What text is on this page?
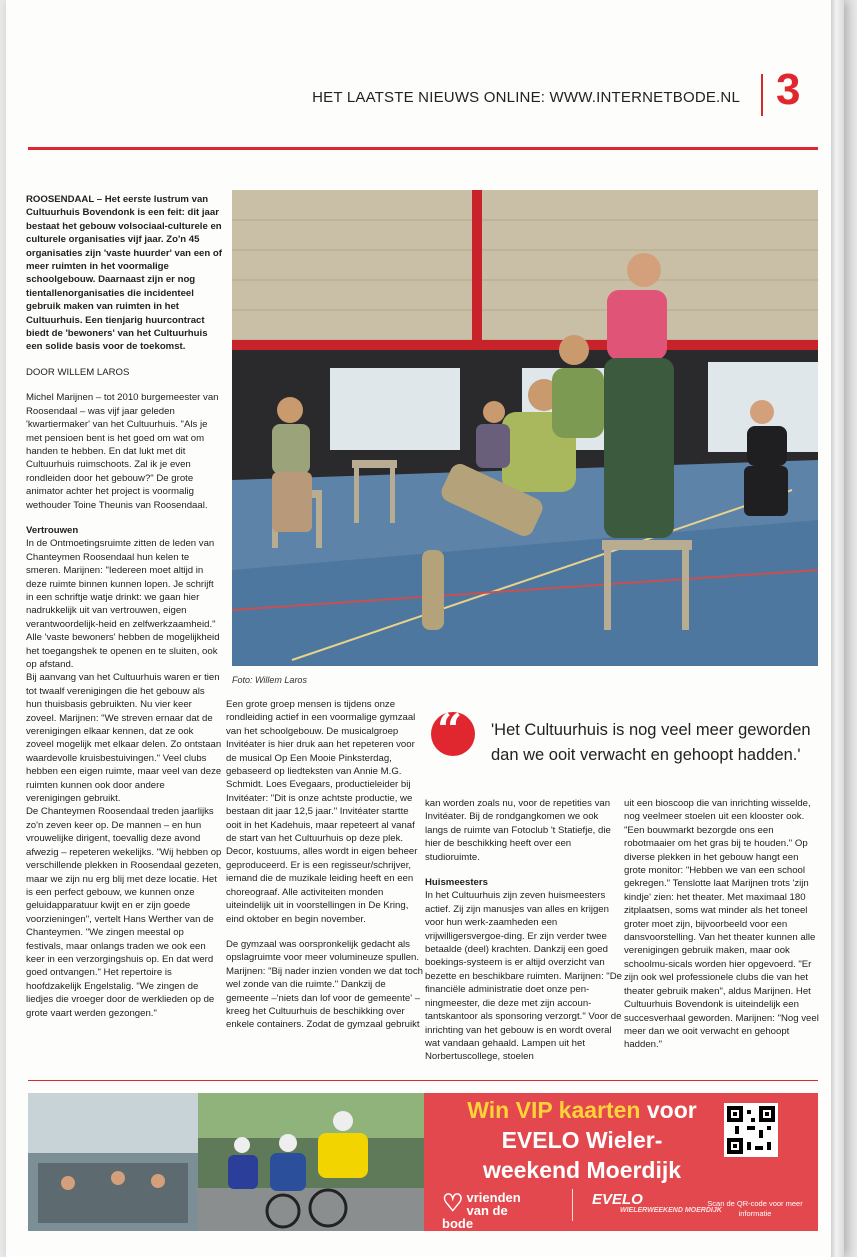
HET LAATSTE NIEUWS ONLINE: WWW.INTERNETBODE.NL 3

ROOSENDAAL – Het eerste lustrum van Cultuurhuis Bovendonk is een feit: dit jaar bestaat het gebouw volsociaal-culturele en culturele organisaties vijf jaar. Zo'n 45 organisaties zijn 'vaste huurder' van een of meer ruimten in het voormalige schoolgebouw. Daarnaast zijn er nog tientallenorganisaties die incidenteel gebruik maken van ruimten in het Cultuurhuis. Een tienjarig huurcontract biedt de 'bewoners' van het Cultuurhuis een solide basis voor de toekomst.

DOOR WILLEM LAROS

Michel Marijnen – tot 2010 burgemeester van Roosendaal – was vijf jaar geleden 'kwartiermaker' van het Cultuurhuis. "Als je met pensioen bent is het goed om wat om handen te hebben. En dat lukt met dit Cultuurhuis ruimschoots. Zal ik je even rondleiden door het gebouw?" De grote animator achter het project is voormalig wethouder Toine Theunis van Roosendaal.

Vertrouwen

In de Ontmoetingsruimte zitten de leden van Chanteymen Roosendaal hun kelen te smeren. Marijnen: "Iedereen moet altijd in deze ruimte binnen kunnen lopen. Je schrijft in een schriftje watje drinkt: we gaan hier nadrukkelijk uit van vertrouwen, eigen verantwoordelijk-heid en zelfwerkzaamheid." Alle 'vaste bewoners' hebben de mogelijkheid het toegangshek te openen en te sluiten, ook op afstand.

Bij aanvang van het Cultuurhuis waren er tien tot twaalf verenigingen die het gebouw als hun thuisbasis gebruikten. Nu vier keer zoveel. Marijnen: "We streven ernaar dat de verenigingen elkaar kennen, dat ze ook zoveel mogelijk met elkaar delen. Zo ontstaan waardevolle kruisbestuivingen." Veel clubs hebben een eigen ruimte, maar veel van deze ruimten kunnen ook door andere verenigingen gebruikt.

De Chanteymen Roosendaal treden jaarlijks zo'n zeven keer op. De mannen – en hun vrouwelijke dirigent, toevallig deze avond afwezig – repeteren wekelijks. "Wij hebben op verschillende plekken in Roosendaal gezeten, maar we zijn nu erg blij met deze locatie. Het is een perfect gebouw, we kunnen onze geluidapparatuur kwijt en er zijn goede voorzieningen", vertelt Hans Werther van de Chanteymen. "We zingen meestal op festivals, maar onlangs traden we ook een keer in een verzorgingshuis op. En dat werd goed ontvangen." Het repertoire is hoofdzakelijk Engelstalig. "We zingen de liedjes die vroeger door de werklieden op de grote vaart werden gezongen."

Foto: Willem Laros
“ 'Het Cultuurhuis is nog veel meer geworden dan we ooit verwacht en gehoopt hadden.'

Een grote groep mensen is tijdens onze rondleiding actief in een voormalige gymzaal van het schoolgebouw. De musicalgroep Invitéater is hier druk aan het repeteren voor de musical Op Een Mooie Pinksterdag, gebaseerd op liedteksten van Annie M.G. Schmidt. Loes Evegaars, productieleider bij Invitéater: "Dit is onze achtste productie, we bestaan dit jaar 12,5 jaar." Invitéater startte ooit in het Kadehuis, maar repeteert al vanaf de start van het Cultuurhuis op deze plek. Decor, kostuums, alles wordt in eigen beheer geproduceerd. Er is een regisseur/schrijver, iemand die de muzikale leiding heeft en een choreograaf. Alle activiteiten monden uiteindelijk uit in voorstellingen in De Kring, eind oktober en begin november.

De gymzaal was oorspronkelijk gedacht als opslagruimte voor meer volumineuze spullen. Marijnen: "Bij nader inzien vonden we dat toch wel zonde van die ruimte." Dankzij de gemeente –'niets dan lof voor de gemeente' – kreeg het Cultuurhuis de beschikking over enkele containers. Zodat de gymzaal gebruikt

kan worden zoals nu, voor de repetities van Invitéater. Bij de rondgangkomen we ook langs de ruimte van Fotoclub 't Statiefje, die hier de beschikking heeft over een studioruimte.

Huismeesters

In het Cultuurhuis zijn zeven huismeesters actief. Zij zijn manusjes van alles en krijgen voor hun werk-zaamheden een vrijwilligersvergoe-ding. Er zijn verder twee betaalde (deel) krachten. Dankzij een goed boekings-systeem is er altijd overzicht van bezette en beschikbare ruimten. Marijnen: "De financiële administratie doet onze pen-ningmeester, die deze met zijn accoun-tantskantoor als sponsoring verzorgt." Voor de inrichting van het gebouw is en wordt overal wat vandaan gehaald. Lampen uit het Norbertuscollege, stoelen

uit een bioscoop die van inrichting wisselde, nog veelmeer stoelen uit een klooster ook. "Een bouwmarkt bezorgde ons een robotmaaier om het gras bij te houden." Op diverse plekken in het gebouw hangt een grote monitor: "Hebben we van een school gekregen." Tenslotte laat Marijnen trots 'zijn kindje' zien: het theater. Met maximaal 180 zitplaatsen, soms wat minder als het toneel groter moet zijn, bijvoorbeeld voor een dansvoorstelling. Van het theater kunnen alle verenigingen gebruik maken, maar ook schoolmu-sicals worden hier opgevoerd. "Er zijn ook wel professionele clubs die van het theater gebruik maken", aldus Marijnen. Het Cultuurhuis Bovendonk is uiteindelijk een succesverhaal geworden. Marijnen: "Nog veel meer dan we ooit verwacht en gehoopt hadden."

Win VIP kaarten voor
EVELO Wieler-
weekend Moerdijk
♡ vrienden
van de bode
EVELO
WIELERWEEKEND MOERDIJK
Scan de QR-code voor meer informatie
